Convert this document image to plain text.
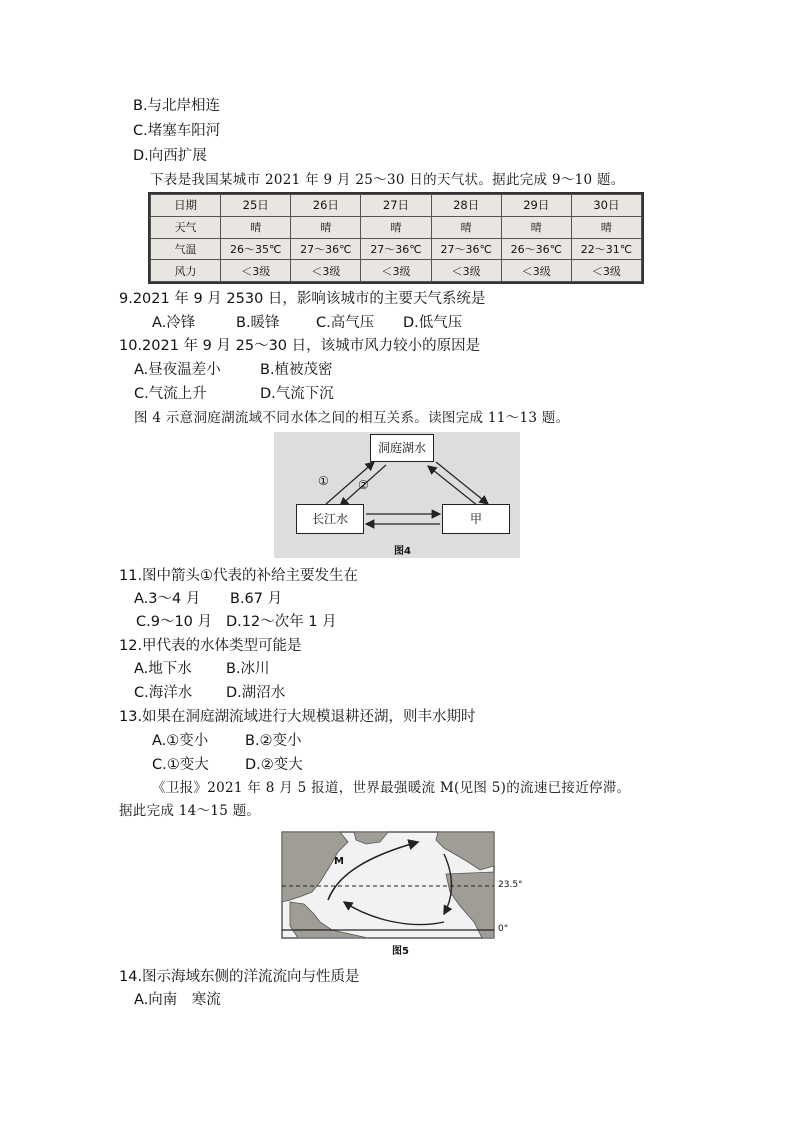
B.与北岸相连
C.堵塞车阳河
D.向西扩展
下表是我国某城市 2021 年 9 月 25～30 日的天气状。据此完成 9～10 题。
日期	25日	26日	27日	28日	29日	30日
天气	晴	晴	晴	晴	晴	晴
气温	26～35℃	27～36℃	27～36℃	27～36℃	26～36℃	22～31℃
风力	＜3级	＜3级	＜3级	＜3级	＜3级	＜3级
9.2021 年 9 月 2530 日，影响该城市的主要天气系统是
A.冷锋	B.暖锋	C.高气压 D.低气压
10.2021 年 9 月 25～30 日，该城市风力较小的原因是
A.昼夜温差小	B.植被茂密
C.气流上升	D.气流下沉
图 4 示意洞庭湖流域不同水体之间的相互关系。读图完成 11～13 题。
洞庭湖水
长江水	甲
① ②
图4
11.图中箭头①代表的补给主要发生在
A.3～4 月 B.67 月
C.9～10 月 D.12～次年 1 月
12.甲代表的水体类型可能是
A.地下水 B.冰川
C.海洋水 D.湖沼水
13.如果在洞庭湖流域进行大规模退耕还湖，则丰水期时
A.①变小	B.②变小
C.①变大	D.②变大
《卫报》2021 年 8 月 5 报道，世界最强暖流 M(见图 5)的流速已接近停滞。
据此完成 14～15 题。
M
23.5°
0°
图5
14.图示海域东侧的洋流流向与性质是
A.向南　寒流
